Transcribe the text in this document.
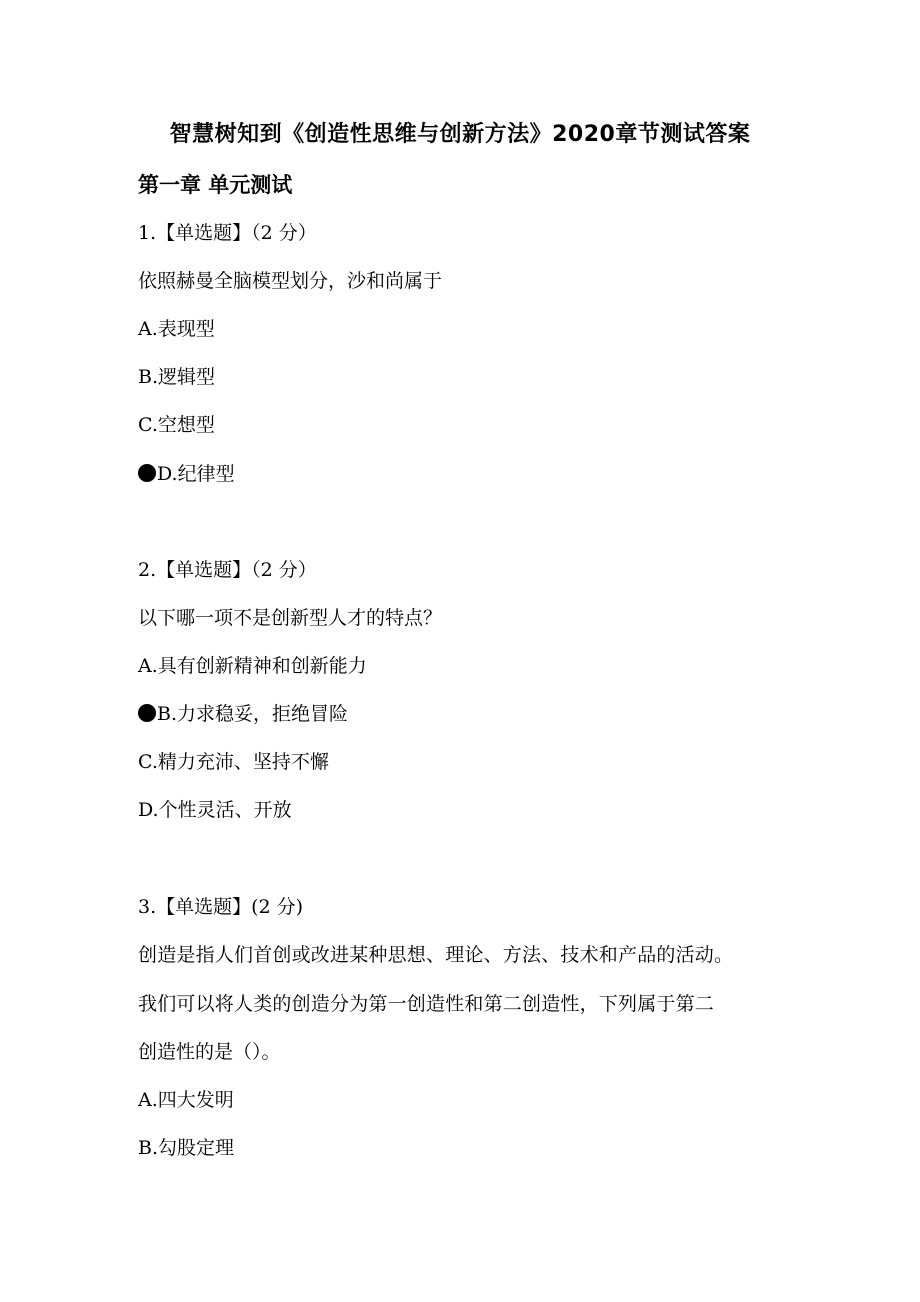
智慧树知到《创造性思维与创新方法》2020章节测试答案
第一章 单元测试
1.【单选题】（2 分）
依照赫曼全脑模型划分，沙和尚属于
A.表现型
B.逻辑型
C.空想型
D.纪律型
2.【单选题】（2 分）
以下哪一项不是创新型人才的特点？
A.具有创新精神和创新能力
B.力求稳妥，拒绝冒险
C.精力充沛、坚持不懈
D.个性灵活、开放
3.【单选题】(2 分)
创造是指人们首创或改进某种思想、理论、方法、技术和产品的活动。
我们可以将人类的创造分为第一创造性和第二创造性，下列属于第二
创造性的是（）。
A.四大发明
B.勾股定理
